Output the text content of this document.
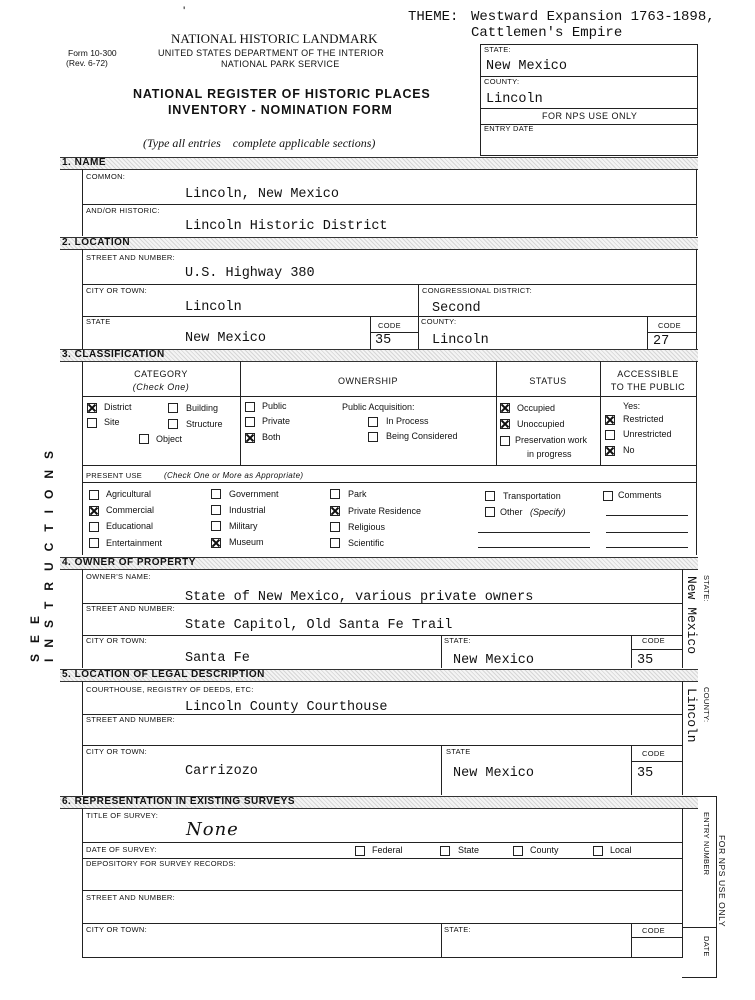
'	THEME: Westward Expansion 1763-1898,
Cattlemen's Empire
NATIONAL HISTORIC LANDMARK
Form 10-300
(Rev. 6-72)
UNITED STATES DEPARTMENT OF THE INTERIOR
NATIONAL PARK SERVICE
NATIONAL REGISTER OF HISTORIC PLACES
INVENTORY - NOMINATION FORM
(Type all entries    complete applicable sections)
STATE:
New Mexico
COUNTY:
Lincoln
FOR NPS USE ONLY
ENTRY DATE
SEE INSTRUCTIONS
1. NAME
COMMON:
Lincoln, New Mexico
AND/OR HISTORIC:
Lincoln Historic District
2. LOCATION
STREET AND NUMBER:
U.S. Highway 380
CITY OR TOWN:
Lincoln
CONGRESSIONAL DISTRICT:
Second
STATE
New Mexico
CODE
35
COUNTY:
Lincoln
CODE
27
3. CLASSIFICATION
CATEGORY
(Check One)
OWNERSHIP	STATUS
ACCESSIBLE
TO THE PUBLIC
District	Building
Site	Structure
Object
Public
Private
Both
Public Acquisition:
In Process
Being Considered
Occupied
Unoccupied
Preservation work
in progress
Yes:
Restricted
Unrestricted
No
PRESENT USE	(Check One or More as Appropriate)
Agricultural
Commercial
Educational
Entertainment
Government
Industrial
Military
Museum
Park
Private Residence
Religious
Scientific
Transportation
Other (Specify)
Comments
4. OWNER OF PROPERTY
OWNER'S NAME:
State of New Mexico, various private owners
STREET AND NUMBER:
State Capitol, Old Santa Fe Trail
CITY OR TOWN:
Santa Fe
STATE:
New Mexico
CODE
35
STATE:
New Mexico
5. LOCATION OF LEGAL DESCRIPTION
COURTHOUSE, REGISTRY OF DEEDS, ETC:
Lincoln County Courthouse
STREET AND NUMBER:
CITY OR TOWN:
Carrizozo
STATE
New Mexico
CODE
35
COUNTY:
Lincoln
6. REPRESENTATION IN EXISTING SURVEYS
TITLE OF SURVEY:
None
DATE OF SURVEY:	Federal	State	County	Local
DEPOSITORY FOR SURVEY RECORDS:
STREET AND NUMBER:
CITY OR TOWN:	STATE:	CODE
ENTRY NUMBER
DATE
FOR NPS USE ONLY
